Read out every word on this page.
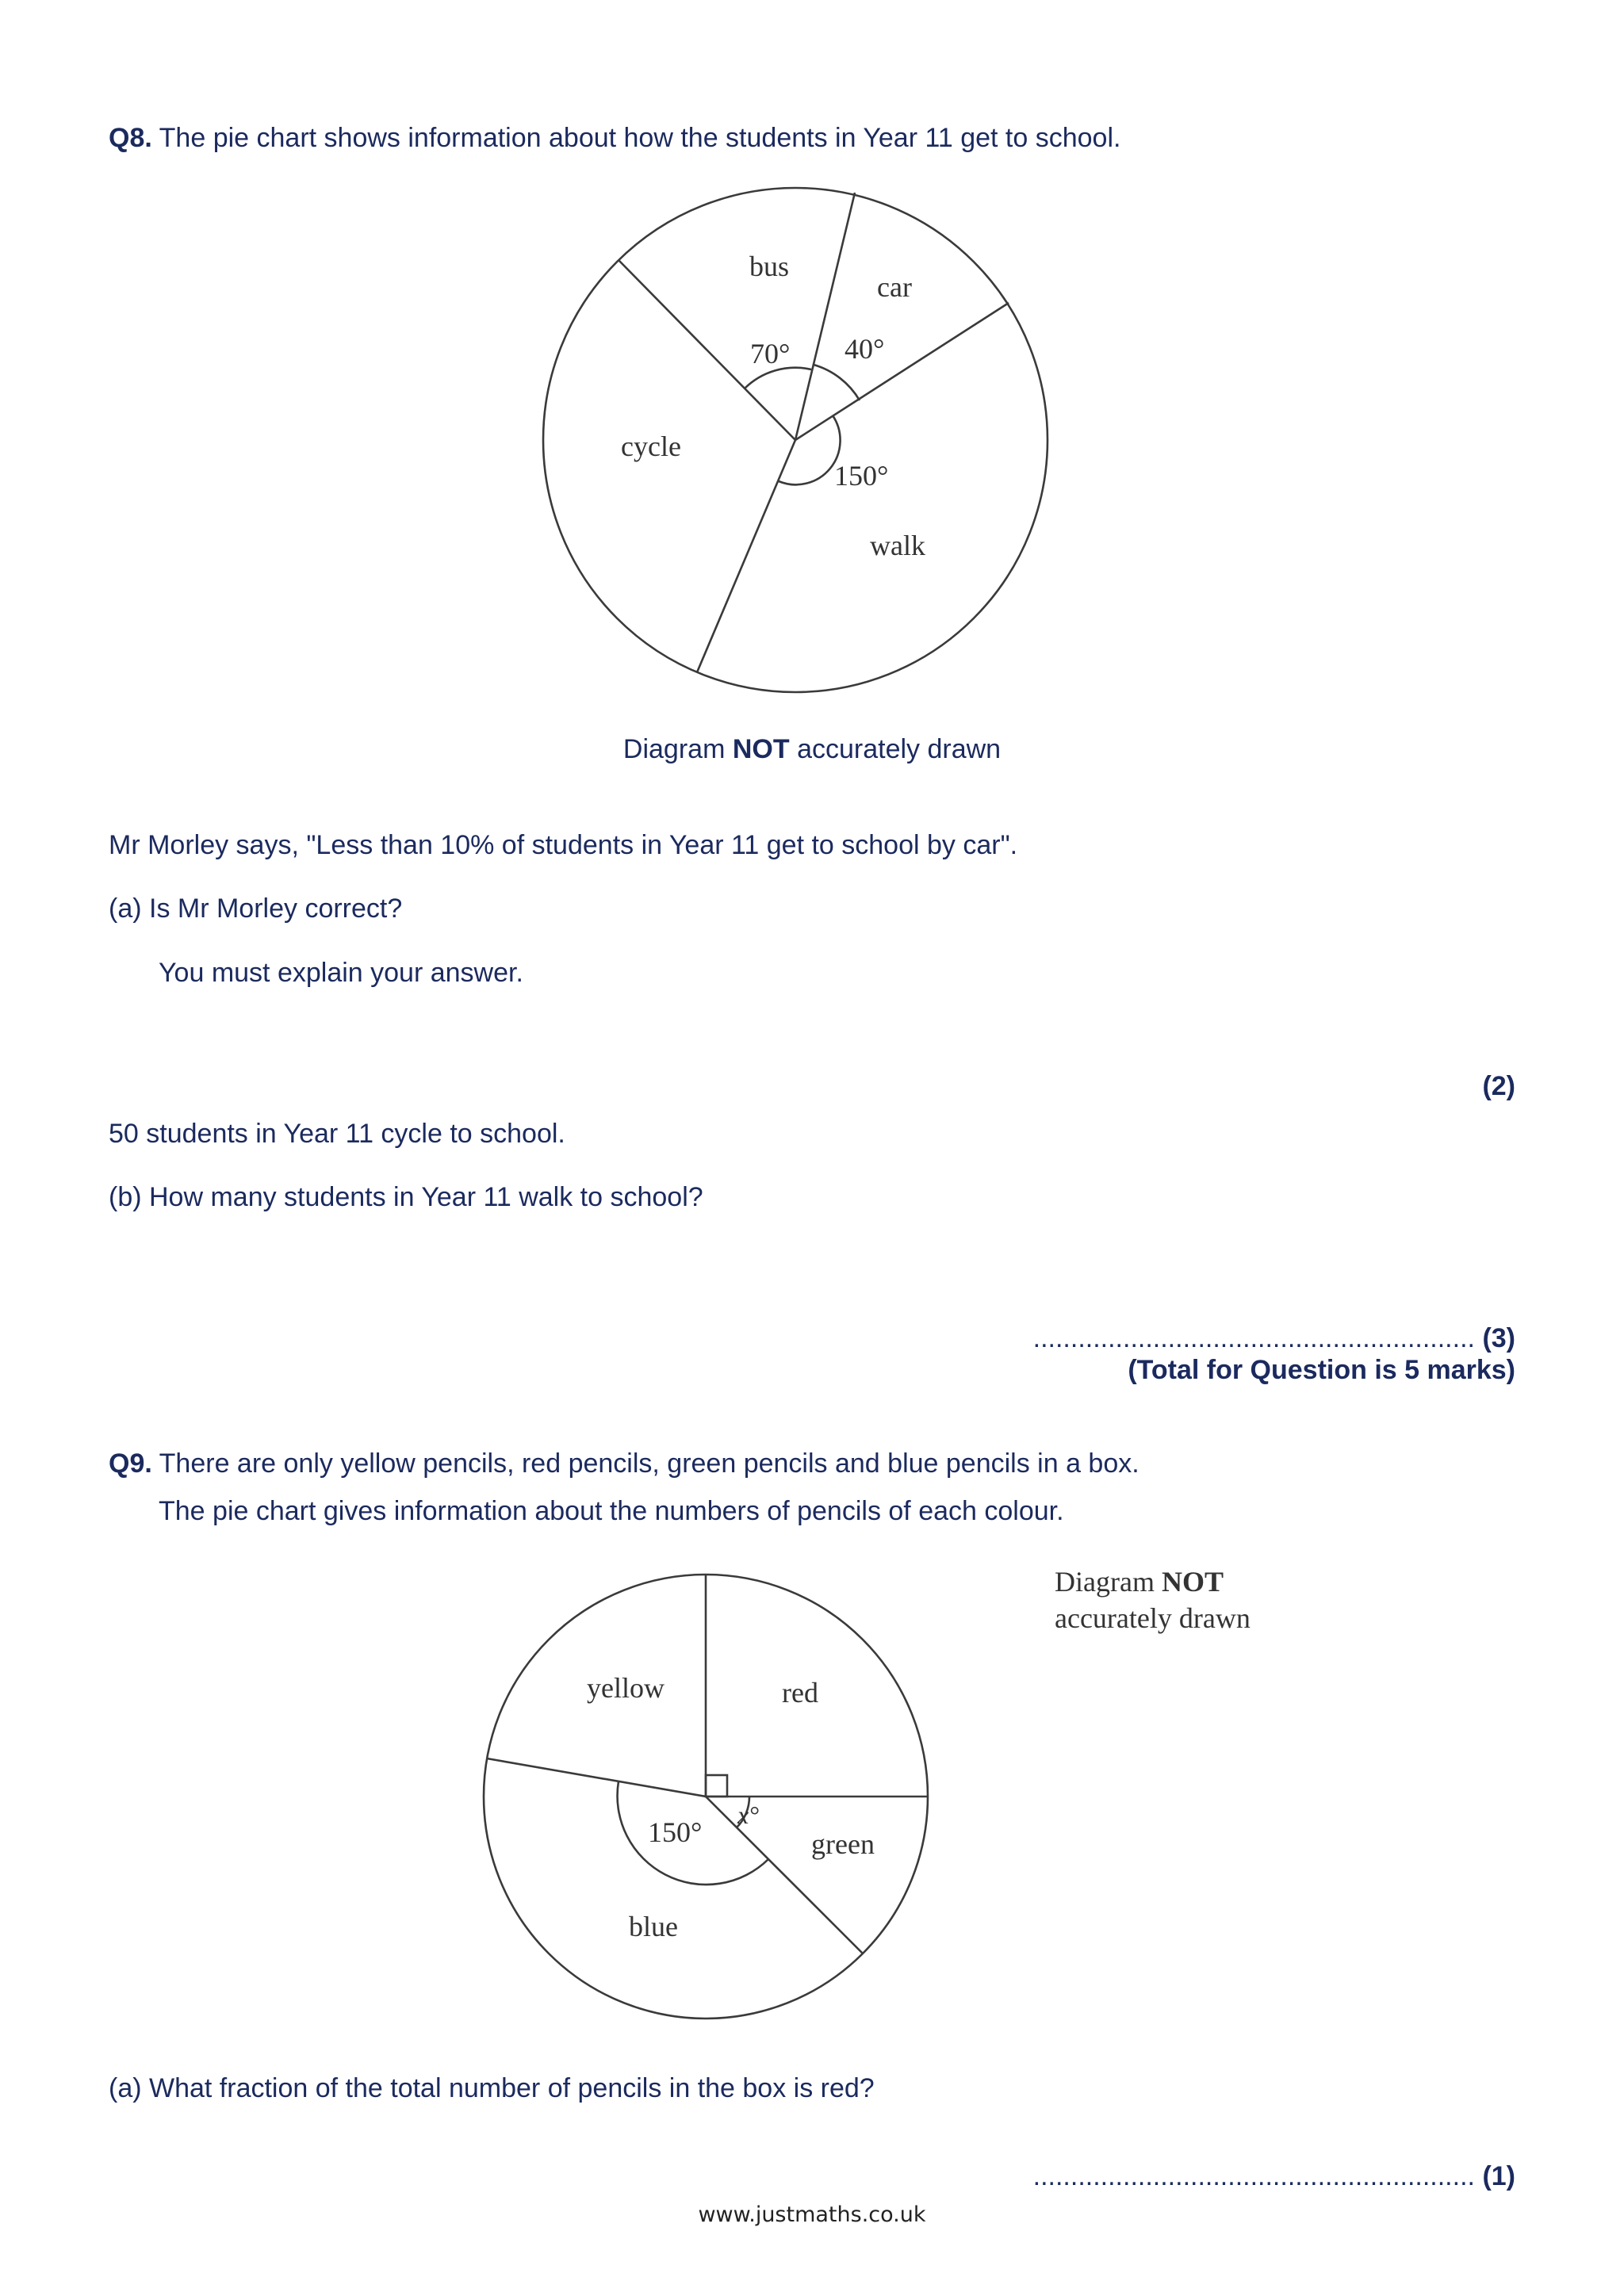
Q8. The pie chart shows information about how the students in Year 11 get to school.
bus
car
walk
cycle
70° 40°
150°
Diagram NOT accurately drawn
Mr Morley says, "Less than 10% of students in Year 11 get to school by car".
(a) Is Mr Morley correct?
You must explain your answer.
(2)
50 students in Year 11 cycle to school.
(b) How many students in Year 11 walk to school?
........................................................... (3)
(Total for Question is 5 marks)
Q9. There are only yellow pencils, red pencils, green pencils and blue pencils in a box.
The pie chart gives information about the numbers of pencils of each colour.
Diagram NOT
accurately drawn
yellow	red
green
blue
150°
x°
(a) What fraction of the total number of pencils in the box is red?
........................................................... (1)
www.justmaths.co.uk
